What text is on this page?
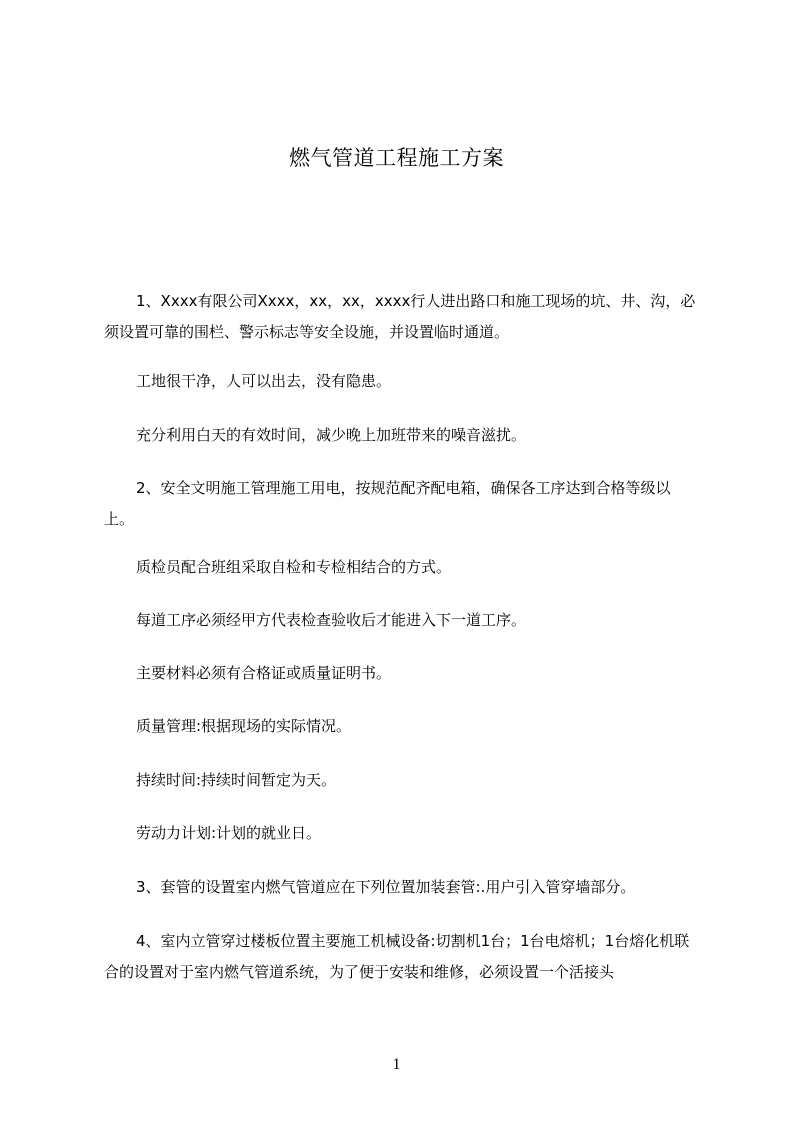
燃气管道工程施工方案

1、Xxxx有限公司Xxxx，xx，xx，xxxx行人进出路口和施工现场的坑、井、沟，必须设置可靠的围栏、警示标志等安全设施，并设置临时通道。

工地很干净，人可以出去，没有隐患。

充分利用白天的有效时间，减少晚上加班带来的噪音滋扰。

2、安全文明施工管理施工用电，按规范配齐配电箱，确保各工序达到合格等级以上。

质检员配合班组采取自检和专检相结合的方式。

每道工序必须经甲方代表检查验收后才能进入下一道工序。

主要材料必须有合格证或质量证明书。

质量管理:根据现场的实际情况。

持续时间:持续时间暂定为天。

劳动力计划:计划的就业日。

3、套管的设置室内燃气管道应在下列位置加装套管:.用户引入管穿墙部分。

4、室内立管穿过楼板位置主要施工机械设备:切割机1台；1台电熔机；1台熔化机联合的设置对于室内燃气管道系统，为了便于安装和维修，必须设置一个活接头

1
